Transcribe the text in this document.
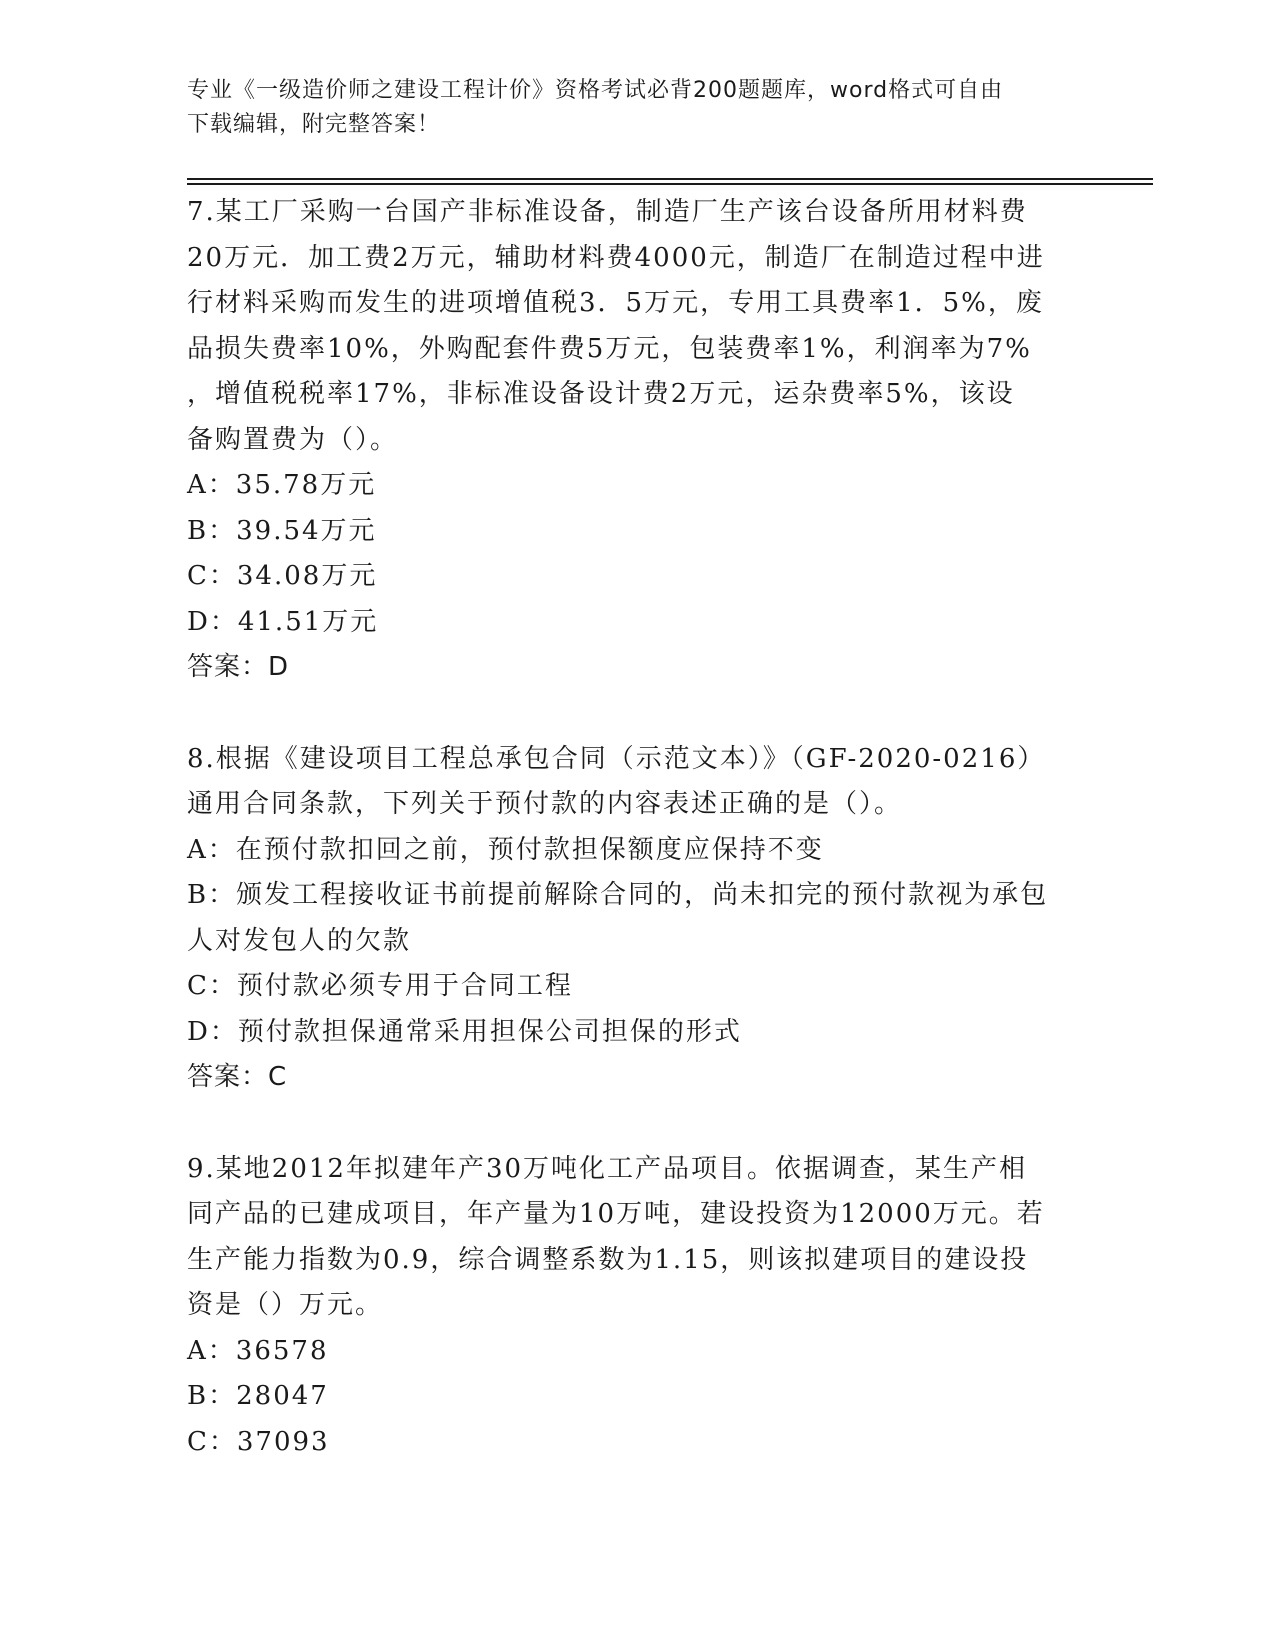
专业《一级造价师之建设工程计价》资格考试必背200题题库，word格式可自由
下载编辑，附完整答案！
7.某工厂采购一台国产非标准设备，制造厂生产该台设备所用材料费
20万元．加工费2万元，辅助材料费4000元，制造厂在制造过程中进
行材料采购而发生的进项增值税3．5万元，专用工具费率1．5%，废
品损失费率10%，外购配套件费5万元，包装费率1%，利润率为7%
，增值税税率17%，非标准设备设计费2万元，运杂费率5%，该设
备购置费为（）。
A：35.78万元
B：39.54万元
C：34.08万元
D：41.51万元
答案：D
8.根据《建设项目工程总承包合同（示范文本）》（GF-2020-0216）
通用合同条款，下列关于预付款的内容表述正确的是（）。
A：在预付款扣回之前，预付款担保额度应保持不变
B：颁发工程接收证书前提前解除合同的，尚未扣完的预付款视为承包
人对发包人的欠款
C：预付款必须专用于合同工程
D：预付款担保通常采用担保公司担保的形式
答案：C
9.某地2012年拟建年产30万吨化工产品项目。依据调查，某生产相
同产品的已建成项目，年产量为10万吨，建设投资为12000万元。若
生产能力指数为0.9，综合调整系数为1.15，则该拟建项目的建设投
资是（）万元。
A：36578
B：28047
C：37093
